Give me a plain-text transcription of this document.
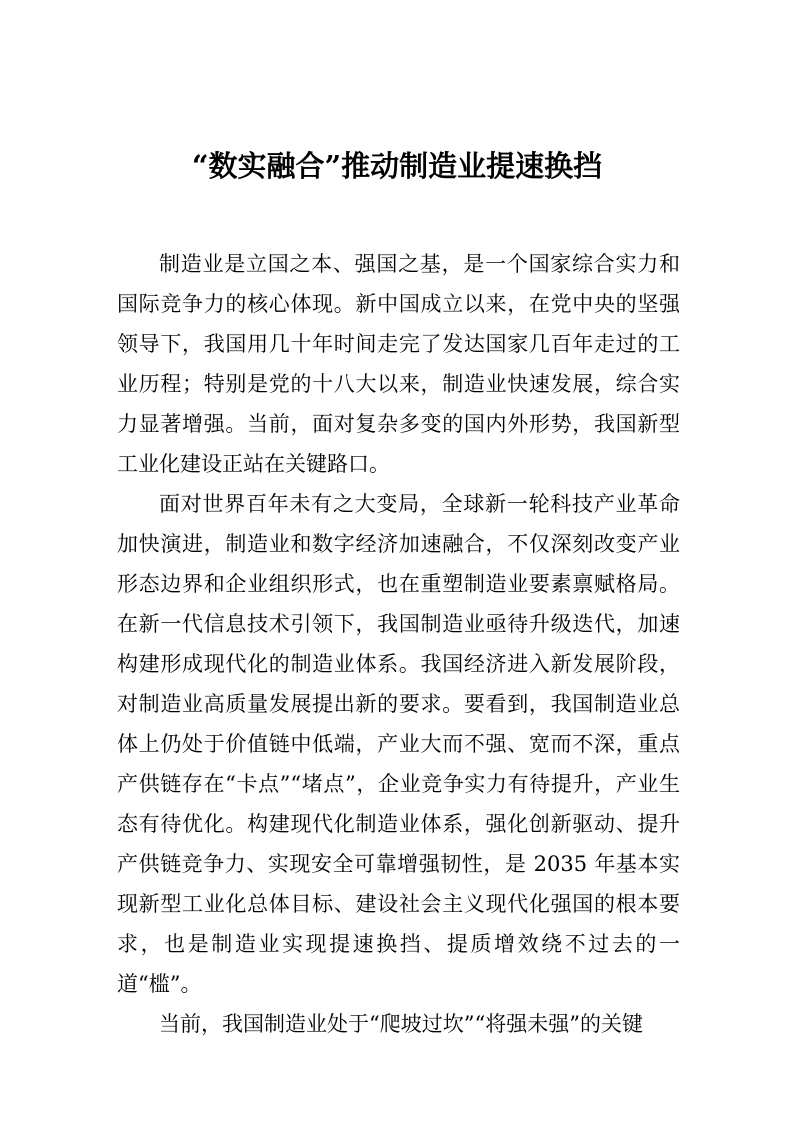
“数实融合”推动制造业提速换挡

制造业是立国之本、强国之基，是一个国家综合实力和国际竞争力的核心体现。新中国成立以来，在党中央的坚强领导下，我国用几十年时间走完了发达国家几百年走过的工业历程；特别是党的十八大以来，制造业快速发展，综合实力显著增强。当前，面对复杂多变的国内外形势，我国新型工业化建设正站在关键路口。

面对世界百年未有之大变局，全球新一轮科技产业革命加快演进，制造业和数字经济加速融合，不仅深刻改变产业形态边界和企业组织形式，也在重塑制造业要素禀赋格局。 在新一代信息技术引领下，我国制造业亟待升级迭代，加速构建形成现代化的制造业体系。我国经济进入新发展阶段， 对制造业高质量发展提出新的要求。要看到，我国制造业总体上仍处于价值链中低端，产业大而不强、宽而不深，重点产供链存在“卡点”“堵点”，企业竞争实力有待提升，产业生态有待优化。构建现代化制造业体系，强化创新驱动、提升产供链竞争力、实现安全可靠增强韧性，是 2035 年基本实现新型工业化总体目标、建设社会主义现代化强国的根本要求，也是制造业实现提速换挡、提质增效绕不过去的一道“槛”。

当前，我国制造业处于“爬坡过坎”“将强未强”的关键
